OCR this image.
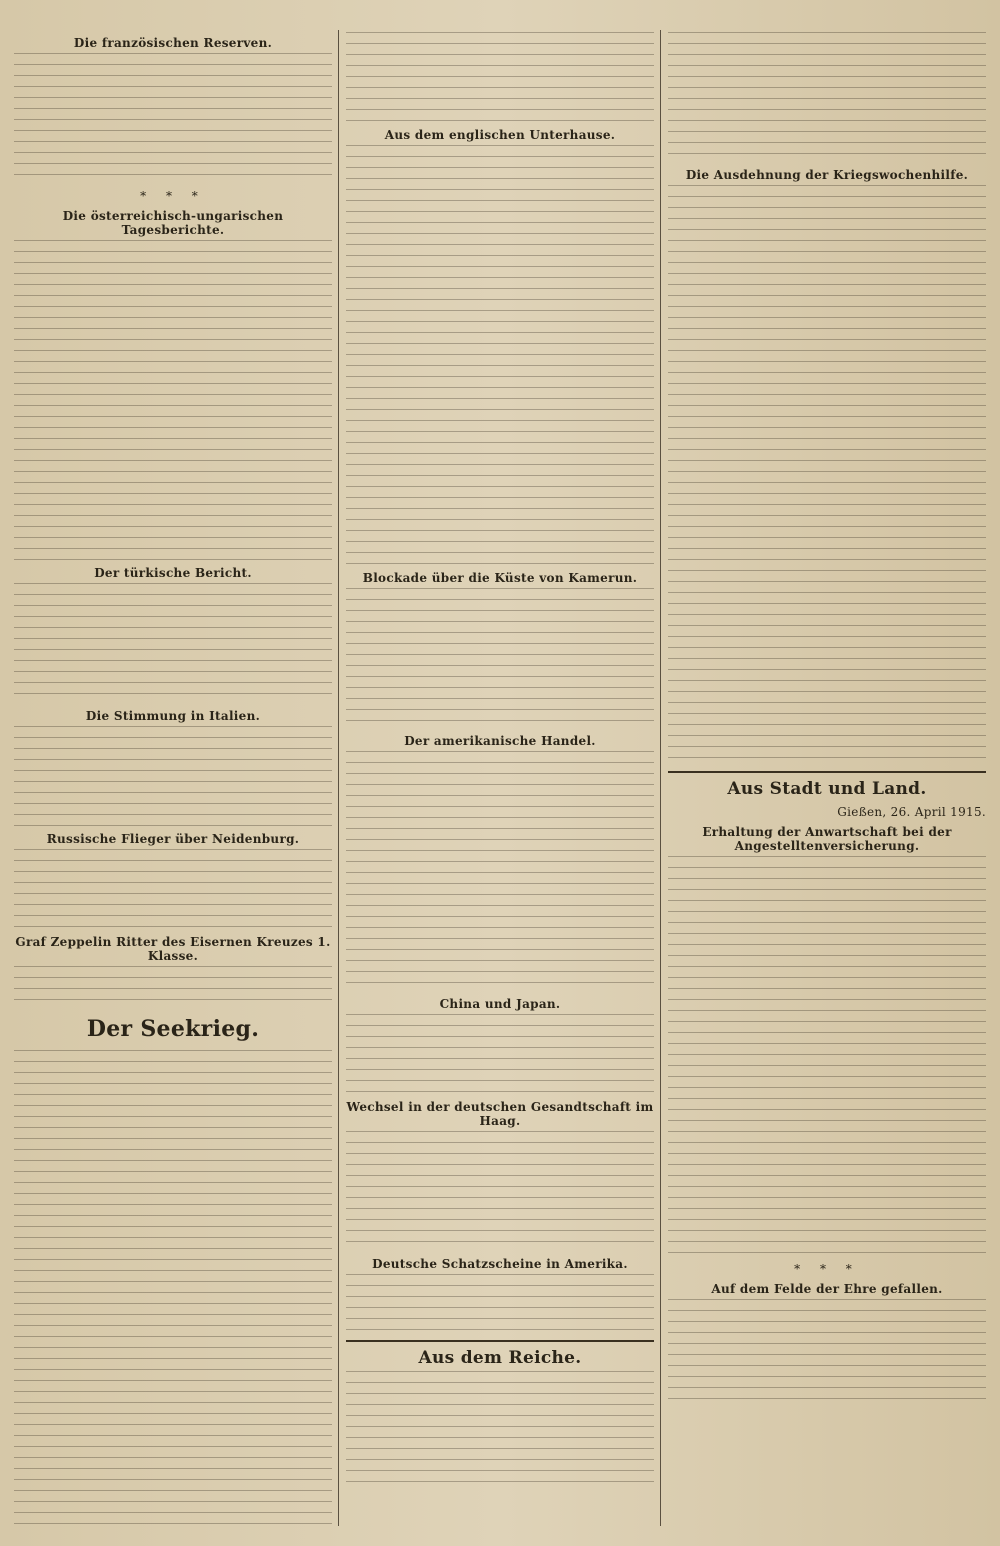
Die französischen Reserven.
* * *
Die österreichisch-ungarischen Tagesberichte.
Der türkische Bericht.
Die Stimmung in Italien.
Russische Flieger über Neidenburg.
Graf Zeppelin Ritter des Eisernen Kreuzes 1. Klasse.
Der Seekrieg.
Aus dem englischen Unterhause.
Blockade über die Küste von Kamerun.
Der amerikanische Handel.
China und Japan.
Wechsel in der deutschen Gesandtschaft im Haag.
Deutsche Schatzscheine in Amerika.
Aus dem Reiche.
Die Ausdehnung der Kriegswochenhilfe.
Aus Stadt und Land.
Gießen, 26. April 1915.
Erhaltung der Anwartschaft bei der Angestelltenversicherung.
* * *
Auf dem Felde der Ehre gefallen.
